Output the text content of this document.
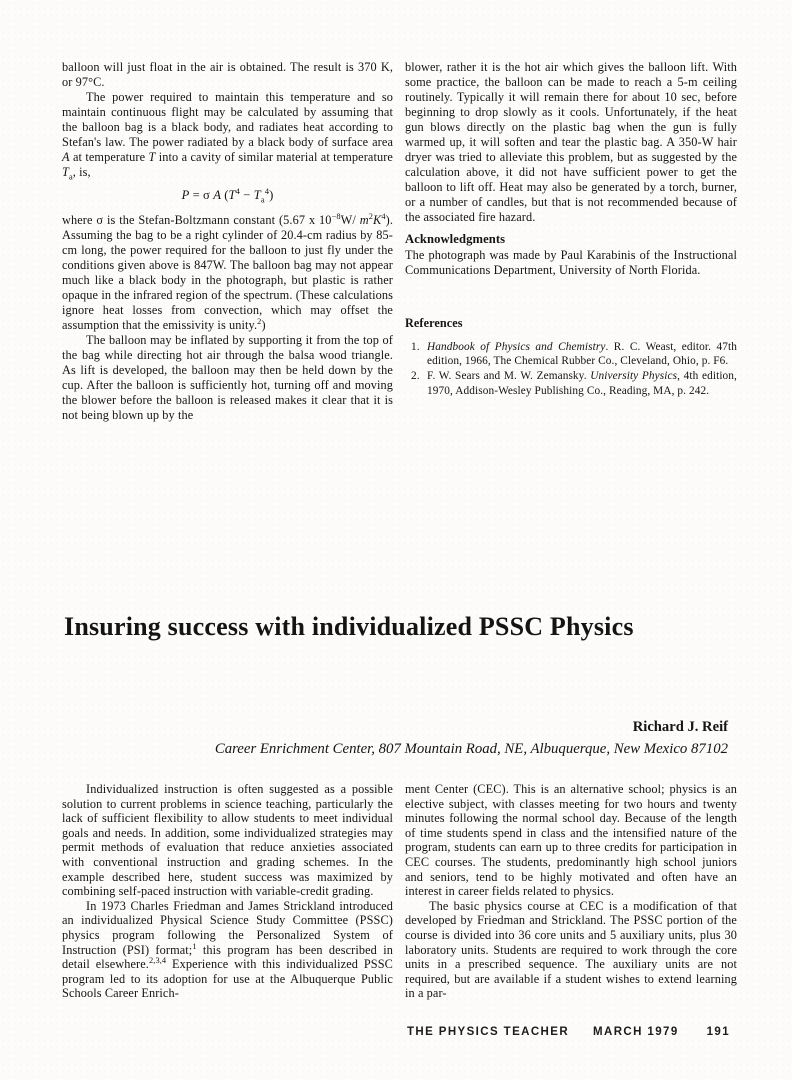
balloon will just float in the air is obtained. The result is 370 K, or 97°C.

The power required to maintain this temperature and so maintain continuous flight may be calculated by assuming that the balloon bag is a black body, and radiates heat according to Stefan's law. The power radiated by a black body of surface area A at temperature T into a cavity of similar material at temperature $T_a$, is,

P = σ A $(T^4 - T_a^4)$

where σ is the Stefan-Boltzmann constant (5.67 x $10^{-8}W/$ $m^2K^4$). Assuming the bag to be a right cylinder of 20.4-cm radius by 85-cm long, the power required for the balloon to just fly under the conditions given above is 847W. The balloon bag may not appear much like a black body in the photograph, but plastic is rather opaque in the infrared region of the spectrum. (These calculations ignore heat losses from convection, which may offset the assumption that the emissivity is unity.$^2$)

The balloon may be inflated by supporting it from the top of the bag while directing hot air through the balsa wood triangle. As lift is developed, the balloon may then be held down by the cup. After the balloon is sufficiently hot, turning off and moving the blower before the balloon is released makes it clear that it is not being blown up by the

blower, rather it is the hot air which gives the balloon lift. With some practice, the balloon can be made to reach a 5-m ceiling routinely. Typically it will remain there for about 10 sec, before beginning to drop slowly as it cools. Unfortunately, if the heat gun blows directly on the plastic bag when the gun is fully warmed up, it will soften and tear the plastic bag. A 350-W hair dryer was tried to alleviate this problem, but as suggested by the calculation above, it did not have sufficient power to get the balloon to lift off. Heat may also be generated by a torch, burner, or a number of candles, but that is not recommended because of the associated fire hazard.

Acknowledgments

The photograph was made by Paul Karabinis of the Instructional Communications Department, University of North Florida.

References
1. Handbook of Physics and Chemistry. R. C. Weast, editor. 47th edition, 1966, The Chemical Rubber Co., Cleveland, Ohio, p. F6.
2. F. W. Sears and M. W. Zemansky. University Physics, 4th edition, 1970, Addison-Wesley Publishing Co., Reading, MA, p. 242.
Insuring success with individualized PSSC Physics
Richard J. Reif
Career Enrichment Center, 807 Mountain Road, NE, Albuquerque, New Mexico 87102

Individualized instruction is often suggested as a possible solution to current problems in science teaching, particularly the lack of sufficient flexibility to allow students to meet individual goals and needs. In addition, some individualized strategies may permit methods of evaluation that reduce anxieties associated with conventional instruction and grading schemes. In the example described here, student success was maximized by combining self-paced instruction with variable-credit grading.

In 1973 Charles Friedman and James Strickland introduced an individualized Physical Science Study Committee (PSSC) physics program following the Personalized System of Instruction (PSI) format;$^1$ this program has been described in detail elsewhere.$^{2,3,4}$ Experience with this individualized PSSC program led to its adoption for use at the Albuquerque Public Schools Career Enrich-

ment Center (CEC). This is an alternative school; physics is an elective subject, with classes meeting for two hours and twenty minutes following the normal school day. Because of the length of time students spend in class and the intensified nature of the program, students can earn up to three credits for participation in CEC courses. The students, predominantly high school juniors and seniors, tend to be highly motivated and often have an interest in career fields related to physics.

The basic physics course at CEC is a modification of that developed by Friedman and Strickland. The PSSC portion of the course is divided into 36 core units and 5 auxiliary units, plus 30 laboratory units. Students are required to work through the core units in a prescribed sequence. The auxiliary units are not required, but are available if a student wishes to extend learning in a par-

THE PHYSICS TEACHER MARCH 1979 191
